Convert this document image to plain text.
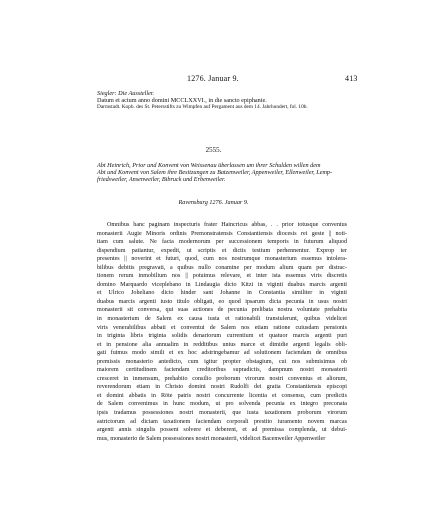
1276. Januar 9.	413
Siegler: Die Aussteller.
Datum et actum anno domini MCCLXXVI., in die sancto epiphanie.
Darmstadt. Kopb. des St. Petersstifts zu Wimpfen auf Pergament aus dem 14. Jahrhundert, fol. 10b.
2555.
Abt Heinrich, Prior und Konvent von Weissenau überlassen um ihrer Schulden willen dem
Abt und Konvent von Salem ihre Besitzungen zu Batzenweiler, Appenweiler, Ellenweiler, Lemp-
friedsweiler, Ansenweiler, Bibruck und Erbenweiler.
Ravensburg 1276. Januar 9.
Omnibus hanc paginam inspecturis frater Haincricus abbas, . . prior totusque conventus
monasterii Augie Minoris ordinis Premonstratensis Constantiensis diocesis rei geste || noti-
tiam cum salute. Ne facta modernorum per successionem temporis in futurum aliquod
dispendium patiantur, expedit, ut scriptis et dictis testium perhennentur. Exprop ter
presentes || noverint et futuri, quod, cum nos nostrumque monasterium essemus intolera-
bilibus debitis pregravati, a quibus nullo conamine per modum alium quam per distrac-
tionem rerum inmobilium nos || potuimus relevare, et inter ista essemus viris discretis
domino Marquardo viceplebano in Lindaugia dicto Kitzi in viginti duabus marcis argenti
et Ulrico Joheliano dicto hinder sant Johanne in Constantia similiter in viginti
duabus marcis argenti iusto titulo obligati, eo quod ipsarum dicta pecunia in usus nostri
monasterii sit conversa, qui suas actiones de pecunia prelibata nostra voluntate prehabita
in monasterium de Salem ex causa iusta et rationabili transtulerunt, quibus videlicet
viris venerabilibus abbati et conventui de Salem nos etiam ratione cuiusdam pensionis
in triginta libris triginta solidis denariorum currentium et quatuor marcis argenti puri
et in pensione alia annualim in redditibus unius marce et dimidie argenti legalis obli-
gati fuimus modo simili et ex hoc adstringebamur ad solutionem faciendam de omnibus
premissis monasterio antedicto, cum igitur propter obstagium, cui nos submisimus ob
maiorem certitudinem faciendam creditoribus supradictis, dampnum nostri monasterii
cresceret in inmensum, prehabito consilio proborum virorum nostri conventus et aliorum,
reverendorum etiam in Christo domini nostri Rudolfi dei gratia Constantiensis episcopi
et domini abbatis in Röte patris nostri concurrente licentia et consensu, cum predictis
de Salem convenimus in hunc modum, ut pro solvenda pecunia ex integro preconata
ipsis tradamus possessiones nostri monasterii, que iusta taxationem proborum virorum
astrictorum ad dictam taxationem faciendam corporali prestito iuramento novem marcas
argenti annis singulis possent solvere et deberent, et ad premissa complenda, ut debui-
mus, monasterio de Salem possessiones nostri monasterii, videlicet Bacenweiler Appenweiler
